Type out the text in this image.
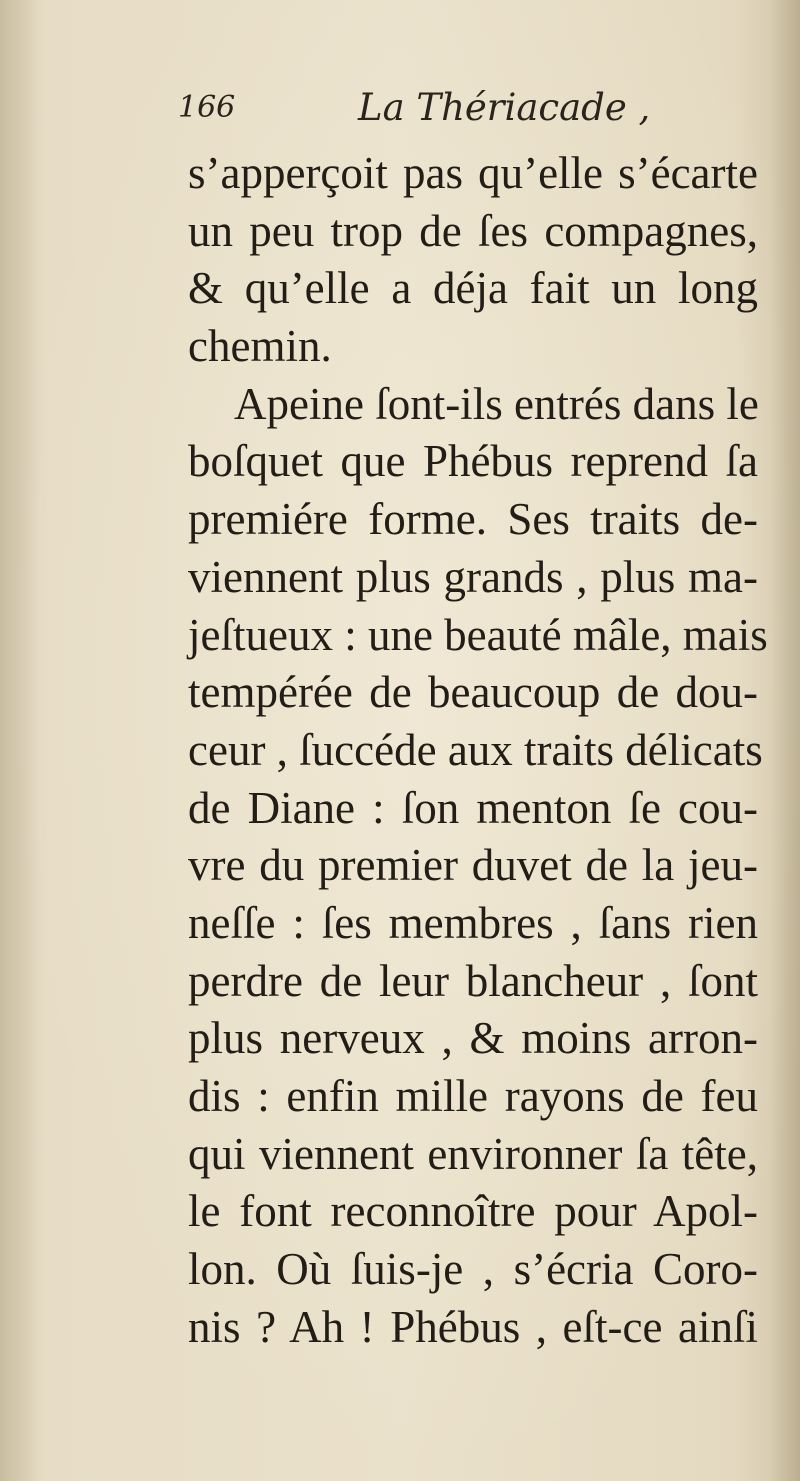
166	La Thériacade ,
s’apperçoit pas qu’elle s’écarte
un peu trop de ſes compagnes,
& qu’elle a déja fait un long
chemin.
Apeine ſont-ils entrés dans le
boſquet que Phébus reprend ſa
premiére forme. Ses traits de-
viennent plus grands , plus ma-
jeſtueux : une beauté mâle, mais
tempérée de beaucoup de dou-
ceur , ſuccéde aux traits délicats
de Diane : ſon menton ſe cou-
vre du premier duvet de la jeu-
neſſe : ſes membres , ſans rien
perdre de leur blancheur , ſont
plus nerveux , & moins arron-
dis : enfin mille rayons de feu
qui viennent environner ſa tête,
le font reconnoître pour Apol-
lon. Où ſuis-je , s’écria Coro-
nis ? Ah ! Phébus , eſt-ce ainſi
